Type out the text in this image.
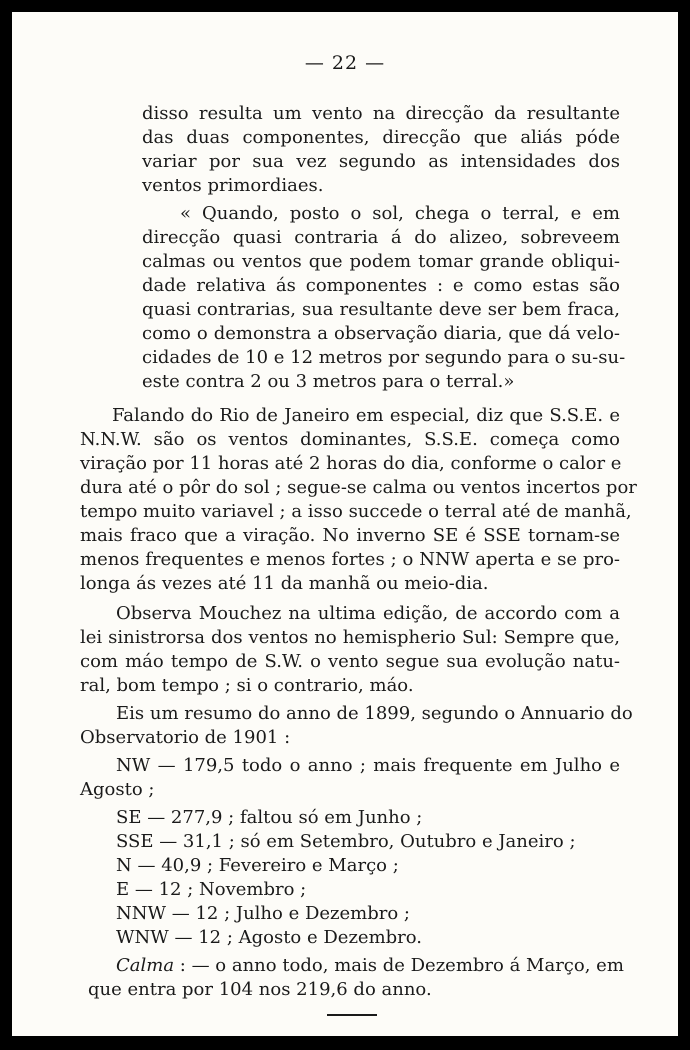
— 22 —
disso resulta um vento na direcção da resultante
das duas componentes, direcção que aliás póde
variar por sua vez segundo as intensidades dos
ventos primordiaes.
« Quando, posto o sol, chega o terral, e em
direcção quasi contraria á do alizeo, sobreveem
calmas ou ventos que podem tomar grande obliqui-
dade relativa ás componentes : e como estas são
quasi contrarias, sua resultante deve ser bem fraca,
como o demonstra a observação diaria, que dá velo-
cidades de 10 e 12 metros por segundo para o su-su-
este contra 2 ou 3 metros para o terral.»
Falando do Rio de Janeiro em especial, diz que S.S.E. e
N.N.W. são os ventos dominantes, S.S.E. começa como
viração por 11 horas até 2 horas do dia, conforme o calor e
dura até o pôr do sol ; segue-se calma ou ventos incertos por
tempo muito variavel ; a isso succede o terral até de manhã,
mais fraco que a viração. No inverno SE é SSE tornam-se
menos frequentes e menos fortes ; o NNW aperta e se pro-
longa ás vezes até 11 da manhã ou meio-dia.
Observa Mouchez na ultima edição, de accordo com a
lei sinistrorsa dos ventos no hemispherio Sul: Sempre que,
com máo tempo de S.W. o vento segue sua evolução natu-
ral, bom tempo ; si o contrario, máo.
Eis um resumo do anno de 1899, segundo o Annuario do
Observatorio de 1901 :
NW — 179,5 todo o anno ; mais frequente em Julho e
Agosto ;
SE — 277,9 ; faltou só em Junho ;
SSE — 31,1 ; só em Setembro, Outubro e Janeiro ;
N — 40,9 ; Fevereiro e Março ;
E — 12 ; Novembro ;
NNW — 12 ; Julho e Dezembro ;
WNW — 12 ; Agosto e Dezembro.
Calma : — o anno todo, mais de Dezembro á Março, em
que entra por 104 nos 219,6 do anno.
